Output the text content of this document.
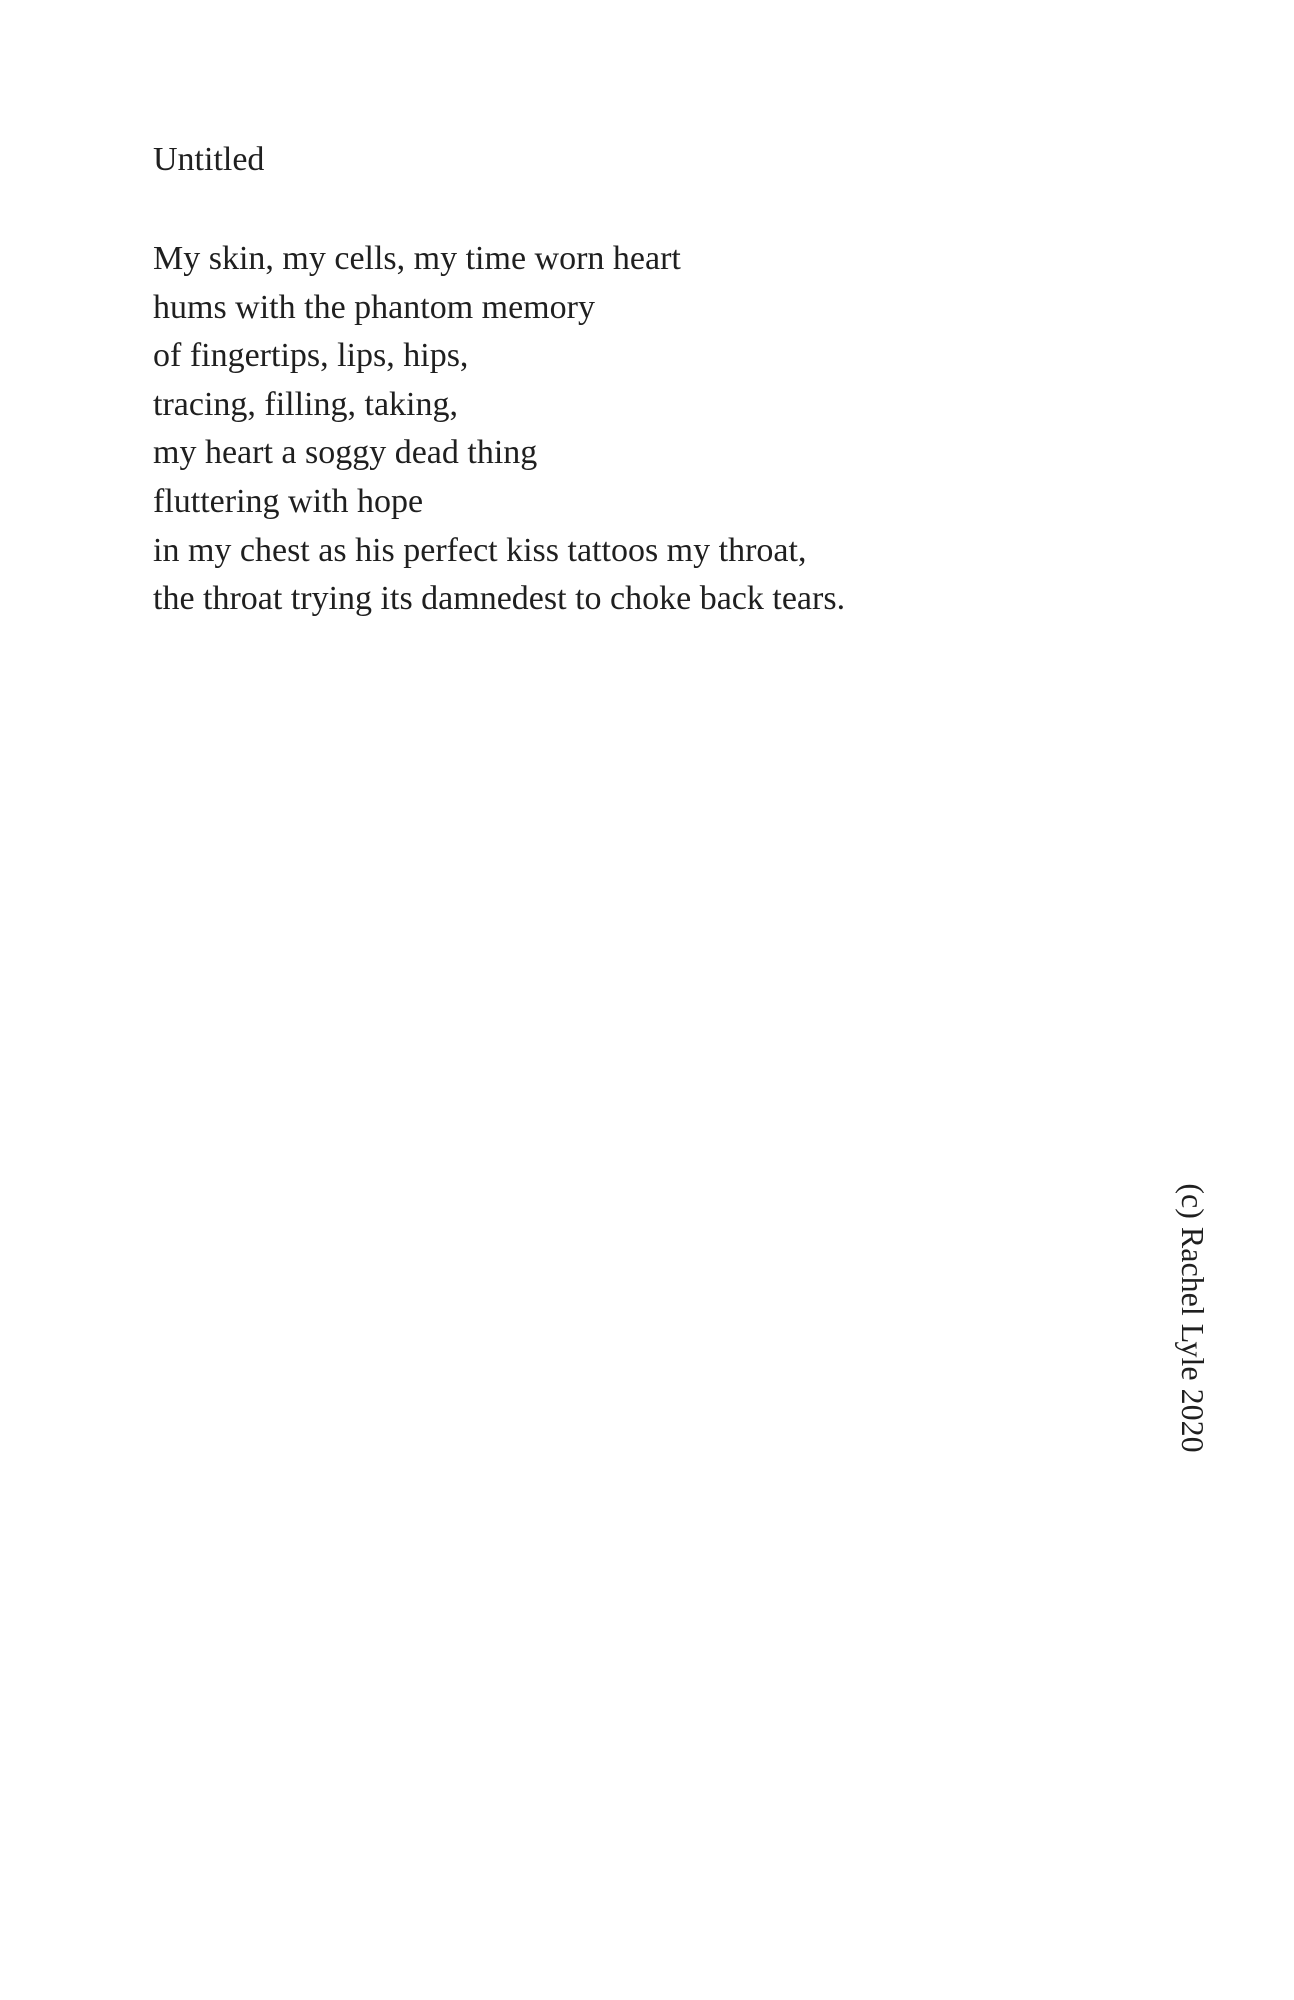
Untitled
My skin, my cells, my time worn heart
hums with the phantom memory
of fingertips, lips, hips,
tracing, filling, taking,
my heart a soggy dead thing
fluttering with hope
in my chest as his perfect kiss tattoos my throat,
the throat trying its damnedest to choke back tears.
(c) Rachel Lyle 2020
